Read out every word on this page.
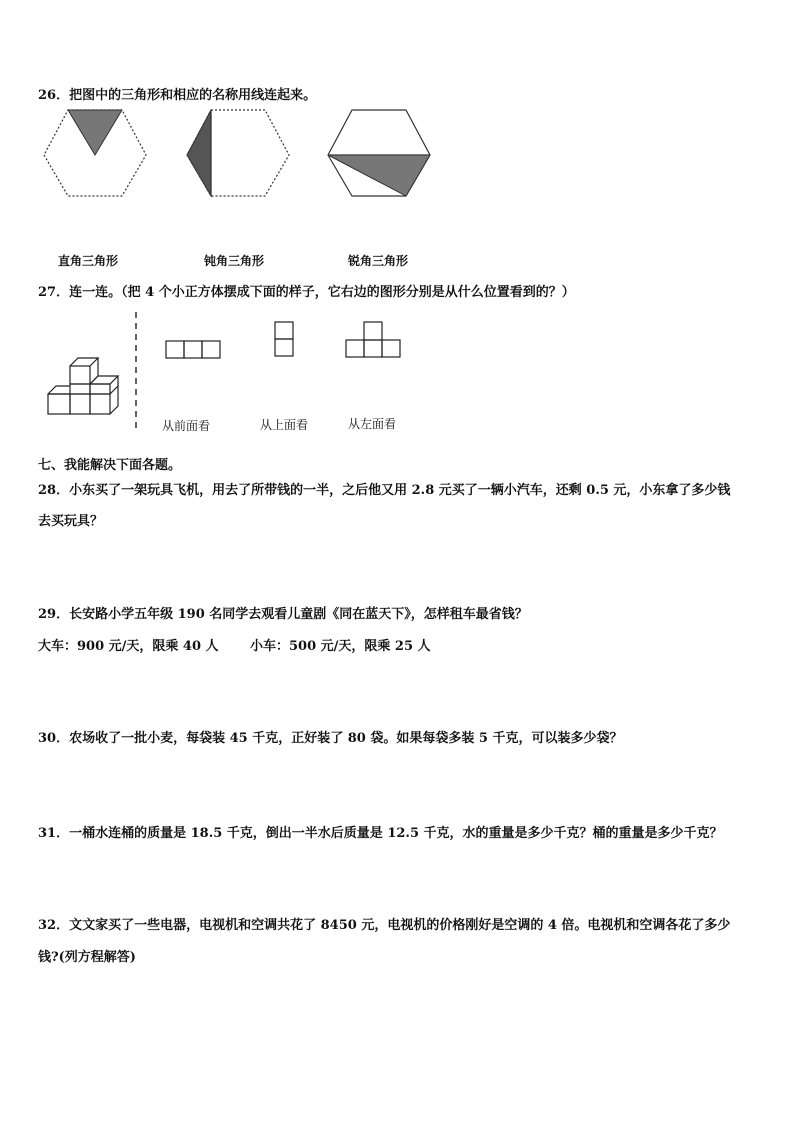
26．把图中的三角形和相应的名称用线连起来。
直角三角形	钝角三角形	锐角三角形
27．连一连。（把 4 个小正方体摆成下面的样子，它右边的图形分别是从什么位置看到的？）
从前面看	从上面看	从左面看
七、我能解决下面各题。
28．小东买了一架玩具飞机，用去了所带钱的一半，之后他又用 2.8 元买了一辆小汽车，还剩 0.5 元，小东拿了多少钱
去买玩具？
29．长安路小学五年级 190 名同学去观看儿童剧《同在蓝天下》，怎样租车最省钱？
大车：900 元/天，限乘 40 人 小车：500 元/天，限乘 25 人
30．农场收了一批小麦，每袋装 45 千克，正好装了 80 袋。如果每袋多装 5 千克，可以装多少袋？
31．一桶水连桶的质量是 18.5 千克，倒出一半水后质量是 12.5 千克，水的重量是多少千克？桶的重量是多少千克？
32．文文家买了一些电器，电视机和空调共花了 8450 元，电视机的价格刚好是空调的 4 倍。电视机和空调各花了多少
钱?(列方程解答)
